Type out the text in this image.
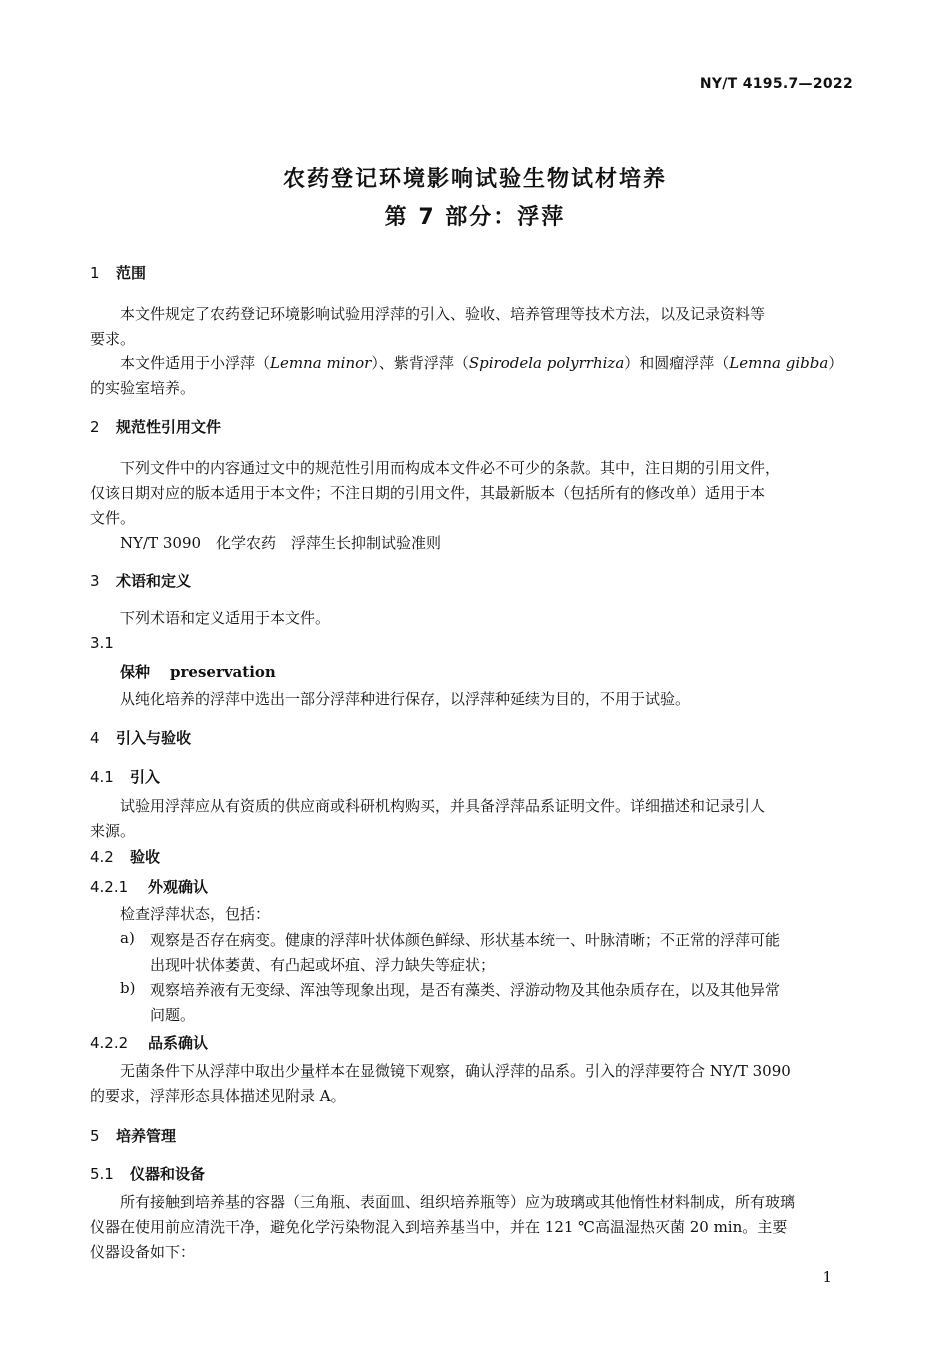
NY/T 4195.7—2022
农药登记环境影响试验生物试材培养
第 7 部分：浮萍
1 范围
本文件规定了农药登记环境影响试验用浮萍的引入、验收、培养管理等技术方法，以及记录资料等
要求。
本文件适用于小浮萍（Lemna minor）、紫背浮萍（Spirodela polyrrhiza）和圆瘤浮萍（Lemna gibba）
的实验室培养。
2 规范性引用文件
下列文件中的内容通过文中的规范性引用而构成本文件必不可少的条款。其中，注日期的引用文件，
仅该日期对应的版本适用于本文件；不注日期的引用文件，其最新版本（包括所有的修改单）适用于本
文件。
NY/T 3090　化学农药　浮萍生长抑制试验准则
3 术语和定义
下列术语和定义适用于本文件。
3.1
保种 preservation
从纯化培养的浮萍中选出一部分浮萍种进行保存，以浮萍种延续为目的，不用于试验。
4 引入与验收
4.1 引入
试验用浮萍应从有资质的供应商或科研机构购买，并具备浮萍品系证明文件。详细描述和记录引人
来源。
4.2 验收
4.2.1 外观确认
检查浮萍状态，包括：
a) 观察是否存在病变。健康的浮萍叶状体颜色鲜绿、形状基本统一、叶脉清晰；不正常的浮萍可能
出现叶状体萎黄、有凸起或坏疽、浮力缺失等症状；
b) 观察培养液有无变绿、浑浊等现象出现，是否有藻类、浮游动物及其他杂质存在，以及其他异常
问题。
4.2.2 品系确认
无菌条件下从浮萍中取出少量样本在显微镜下观察，确认浮萍的品系。引入的浮萍要符合 NY/T 3090
的要求，浮萍形态具体描述见附录 A。
5 培养管理
5.1 仪器和设备
所有接触到培养基的容器（三角瓶、表面皿、组织培养瓶等）应为玻璃或其他惰性材料制成，所有玻璃
仪器在使用前应清洗干净，避免化学污染物混入到培养基当中，并在 121 ℃高温湿热灭菌 20 min。主要
仪器设备如下：
1
